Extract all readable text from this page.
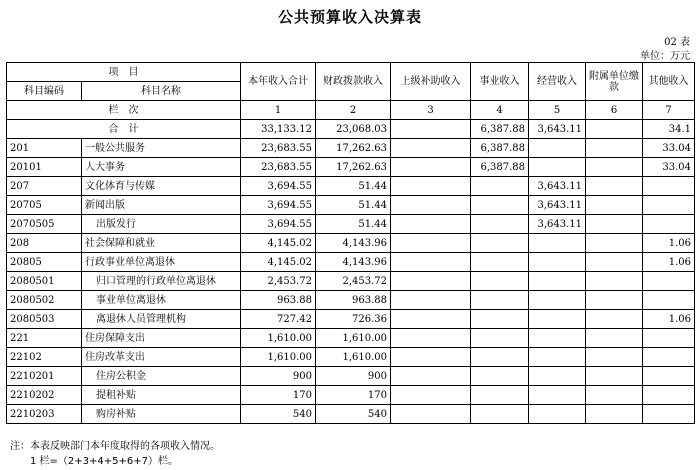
公共预算收入决算表
02 表
单位：万元
项　目		本年收入合计	财政拨款收入	上级补助收入	事业收入	经营收入	附属单位缴款	其他收入
科目编码	科目名称							
栏　次		1	2	3	4	5	6	7
合　计		33,133.12	23,068.03		6,387.88	3,643.11		34.1
201	一般公共服务	23,683.55	17,262.63		6,387.88			33.04
20101	人大事务	23,683.55	17,262.63		6,387.88			33.04
207	文化体育与传媒	3,694.55	51.44			3,643.11		
20705	新闻出版	3,694.55	51.44			3,643.11		
2070505	出版发行	3,694.55	51.44			3,643.11		
208	社会保障和就业	4,145.02	4,143.96					1.06
20805	行政事业单位离退休	4,145.02	4,143.96					1.06
2080501	归口管理的行政单位离退休	2,453.72	2,453.72					
2080502	事业单位离退休	963.88	963.88					
2080503	离退休人员管理机构	727.42	726.36					1.06
221	住房保障支出	1,610.00	1,610.00					
22102	住房改革支出	1,610.00	1,610.00					
2210201	住房公积金	900	900					
2210202	提租补贴	170	170					
2210203	购房补贴	540	540					
注：本表反映部门本年度取得的各项收入情况。
1 栏=（2+3+4+5+6+7）栏。
